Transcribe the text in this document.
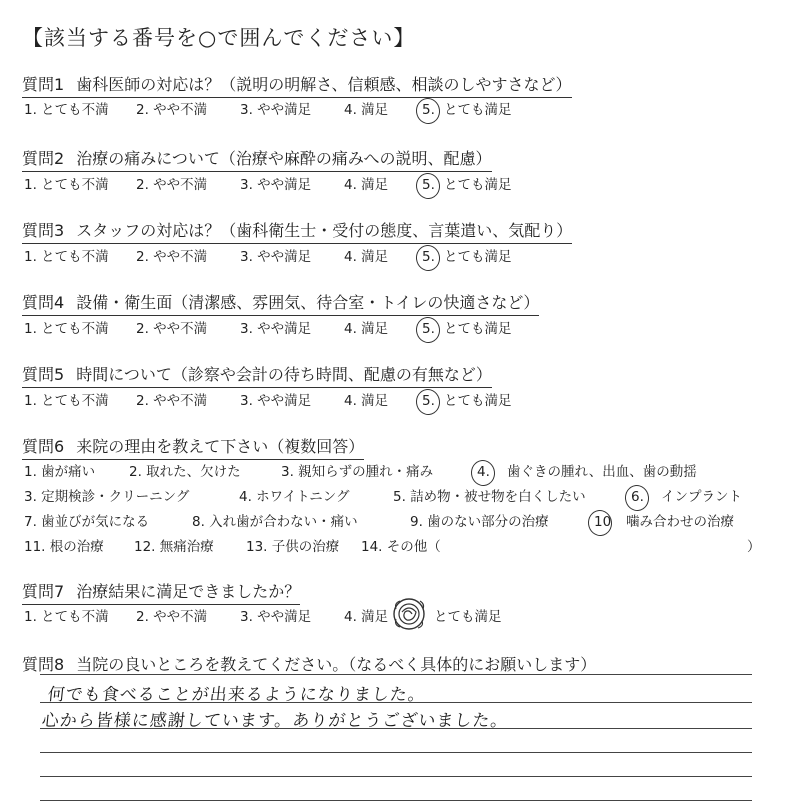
【該当する番号を○で囲んでください】
質問1 歯科医師の対応は？（説明の明解さ、信頼感、相談のしやすさなど）
1. とても不満 2. やや不満 3. やや満足 4. 満足	5. とても満足
質問2 治療の痛みについて（治療や麻酔の痛みへの説明、配慮）
1. とても不満 2. やや不満 3. やや満足 4. 満足	5. とても満足
質問3 スタッフの対応は？（歯科衛生士・受付の態度、言葉遣い、気配り）
1. とても不満 2. やや不満 3. やや満足 4. 満足	5. とても満足
質問4 設備・衛生面（清潔感、雰囲気、待合室・トイレの快適さなど）
1. とても不満 2. やや不満 3. やや満足 4. 満足	5. とても満足
質問5 時間について（診察や会計の待ち時間、配慮の有無など）
1. とても不満 2. やや不満 3. やや満足 4. 満足	5. とても満足
質問6 来院の理由を教えて下さい（複数回答）
1. 歯が痛い	2. 取れた、欠けた	3. 親知らずの腫れ・痛み	4. 歯ぐきの腫れ、出血、歯の動揺
3. 定期検診・クリーニング	4. ホワイトニング	5. 詰め物・被せ物を白くしたい	6. インプラント
7. 歯並びが気になる	8. 入れ歯が合わない・痛い	9. 歯のない部分の治療	10 噛み合わせの治療
11. 根の治療 12. 無痛治療 13. 子供の治療 14. その他（	）
質問7 治療結果に満足できましたか？
1. とても不満 2. やや不満 3. やや満足 4. 満足	とても満足
質問8 当院の良いところを教えてください。（なるべく具体的にお願いします）
何でも食べることが出来るようになりました。
心から皆様に感謝しています。ありがとうございました。
